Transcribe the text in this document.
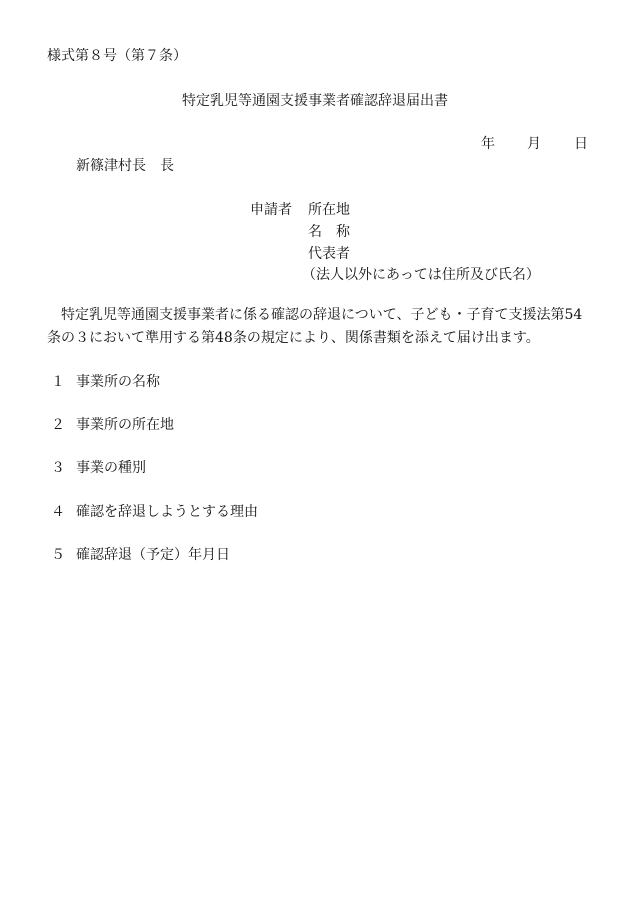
様式第８号（第７条）
特定乳児等通園支援事業者確認辞退届出書
年 月 日
新篠津村長　長
申請者 所在地
名　称
代表者
（法人以外にあっては住所及び氏名）
特定乳児等通園支援事業者に係る確認の辞退について、子ども・子育て支援法第54条の３において準用する第48条の規定により、関係書類を添えて届け出ます。
１ 事業所の名称
２ 事業所の所在地
３ 事業の種別
４ 確認を辞退しようとする理由
５ 確認辞退（予定）年月日
